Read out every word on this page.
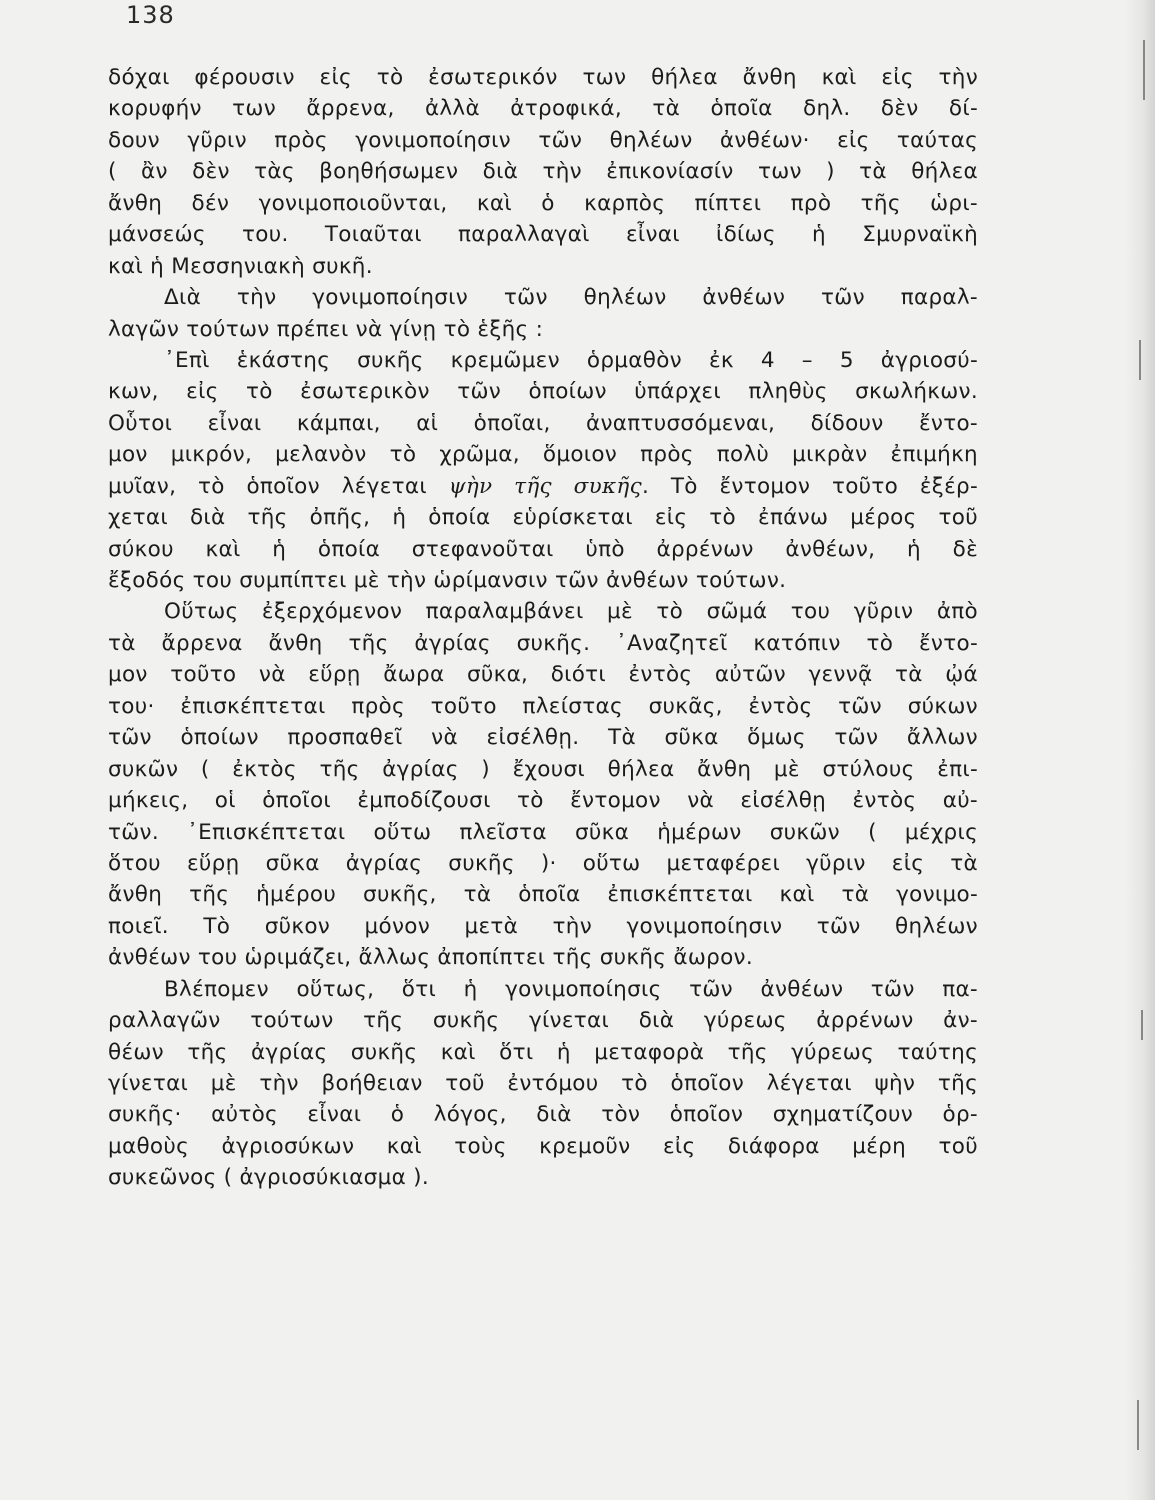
138
δόχαι φέρουσιν εἰς τὸ ἐσωτερικόν των θήλεα ἄνθη καὶ εἰς τὴν
κορυφήν των ἄρρενα, ἀλλὰ ἀτροφικά, τὰ ὁποῖα δηλ. δὲν δί-
δουν γῦριν πρὸς γονιμοποίησιν τῶν θηλέων ἀνθέων· εἰς ταύτας
( ἂν δὲν τὰς βοηθήσωμεν διὰ τὴν ἐπικονίασίν των ) τὰ θήλεα
ἄνθη δέν γονιμοποιοῦνται, καὶ ὁ καρπὸς πίπτει πρὸ τῆς ὡρι-
μάνσεώς του. Τοιαῦται παραλλαγαὶ εἶναι ἰδίως ἡ Σμυρναϊκὴ
καὶ ἡ Μεσσηνιακὴ συκῆ.
Διὰ τὴν γονιμοποίησιν τῶν θηλέων ἀνθέων τῶν παραλ-
λαγῶν τούτων πρέπει νὰ γίνῃ τὸ ἑξῆς :
᾿Επὶ ἑκάστης συκῆς κρεμῶμεν ὁρμαθὸν ἐκ 4 – 5 ἀγριοσύ-
κων, εἰς τὸ ἐσωτερικὸν τῶν ὁποίων ὑπάρχει πληθὺς σκωλήκων.
Οὗτοι εἶναι κάμπαι, αἱ ὁποῖαι, ἀναπτυσσόμεναι, δίδουν ἔντο-
μον μικρόν, μελανὸν τὸ χρῶμα, ὅμοιον πρὸς πολὺ μικρὰν ἐπιμήκη
μυῖαν, τὸ ὁποῖον λέγεται ψὴν τῆς συκῆς. Τὸ ἔντομον τοῦτο ἐξέρ-
χεται διὰ τῆς ὀπῆς, ἡ ὁποία εὑρίσκεται εἰς τὸ ἐπάνω μέρος τοῦ
σύκου καὶ ἡ ὁποία στεφανοῦται ὑπὸ ἀρρένων ἀνθέων, ἡ δὲ
ἔξοδός του συμπίπτει μὲ τὴν ὡρίμανσιν τῶν ἀνθέων τούτων.
Οὕτως ἐξερχόμενον παραλαμβάνει μὲ τὸ σῶμά του γῦριν ἀπὸ
τὰ ἄρρενα ἄνθη τῆς ἀγρίας συκῆς. ᾿Αναζητεῖ κατόπιν τὸ ἔντο-
μον τοῦτο νὰ εὕρῃ ἄωρα σῦκα, διότι ἐντὸς αὐτῶν γεννᾷ τὰ ᾠά
του· ἐπισκέπτεται πρὸς τοῦτο πλείστας συκᾶς, ἐντὸς τῶν σύκων
τῶν ὁποίων προσπαθεῖ νὰ εἰσέλθῃ. Τὰ σῦκα ὅμως τῶν ἄλλων
συκῶν ( ἐκτὸς τῆς ἀγρίας ) ἔχουσι θήλεα ἄνθη μὲ στύλους ἐπι-
μήκεις, οἱ ὁποῖοι ἐμποδίζουσι τὸ ἔντομον νὰ εἰσέλθῃ ἐντὸς αὐ-
τῶν. ᾿Επισκέπτεται οὕτω πλεῖστα σῦκα ἡμέρων συκῶν ( μέχρις
ὅτου εὕρῃ σῦκα ἀγρίας συκῆς )· οὕτω μεταφέρει γῦριν εἰς τὰ
ἄνθη τῆς ἡμέρου συκῆς, τὰ ὁποῖα ἐπισκέπτεται καὶ τὰ γονιμο-
ποιεῖ. Τὸ σῦκον μόνον μετὰ τὴν γονιμοποίησιν τῶν θηλέων
ἀνθέων του ὡριμάζει, ἄλλως ἀποπίπτει τῆς συκῆς ἄωρον.
Βλέπομεν οὕτως, ὅτι ἡ γονιμοποίησις τῶν ἀνθέων τῶν πα-
ραλλαγῶν τούτων τῆς συκῆς γίνεται διὰ γύρεως ἀρρένων ἀν-
θέων τῆς ἀγρίας συκῆς καὶ ὅτι ἡ μεταφορὰ τῆς γύρεως ταύτης
γίνεται μὲ τὴν βοήθειαν τοῦ ἐντόμου τὸ ὁποῖον λέγεται ψὴν τῆς
συκῆς· αὐτὸς εἶναι ὁ λόγος, διὰ τὸν ὁποῖον σχηματίζουν ὁρ-
μαθοὺς ἀγριοσύκων καὶ τοὺς κρεμοῦν εἰς διάφορα μέρη τοῦ
συκεῶνος ( ἀγριοσύκιασμα ).
